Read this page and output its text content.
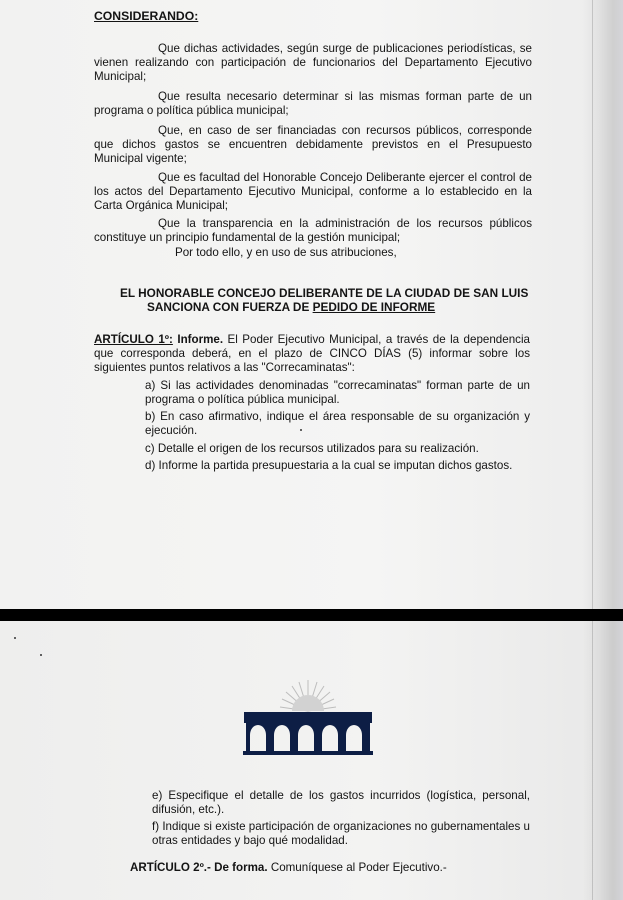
CONSIDERANDO:

Que dichas actividades, según surge de publicaciones periodísticas, se

vienen realizando con participación de funcionarios del Departamento Ejecutivo

Municipal;

Que resulta necesario determinar si las mismas forman parte de un

programa o política pública municipal;

Que, en caso de ser financiadas con recursos públicos, corresponde

que dichos gastos se encuentren debidamente previstos en el Presupuesto

Municipal vigente;

Que es facultad del Honorable Concejo Deliberante ejercer el control de

los actos del Departamento Ejecutivo Municipal, conforme a lo establecido en la

Carta Orgánica Municipal;

Que la transparencia en la administración de los recursos públicos

constituye un principio fundamental de la gestión municipal;

Por todo ello, y en uso de sus atribuciones,

EL HONORABLE CONCEJO DELIBERANTE DE LA CIUDAD DE SAN LUIS

SANCIONA CON FUERZA DE PEDIDO DE INFORME

ARTÍCULO 1º: Informe. El Poder Ejecutivo Municipal, a través de la dependencia

que corresponda deberá, en el plazo de CINCO DÍAS (5) informar sobre los

siguientes puntos relativos a las "Correcaminatas":

a) Si las actividades denominadas "correcaminatas" forman parte de un

programa o política pública municipal.

b) En caso afirmativo, indique el área responsable de su organización y

ejecución.

c) Detalle el origen de los recursos utilizados para su realización.

d) Informe la partida presupuestaria a la cual se imputan dichos gastos.

e) Especifique el detalle de los gastos incurridos (logística, personal,

difusión, etc.).

f) Indique si existe participación de organizaciones no gubernamentales u

otras entidades y bajo qué modalidad.

ARTÍCULO 2º.- De forma. Comuníquese al Poder Ejecutivo.-
